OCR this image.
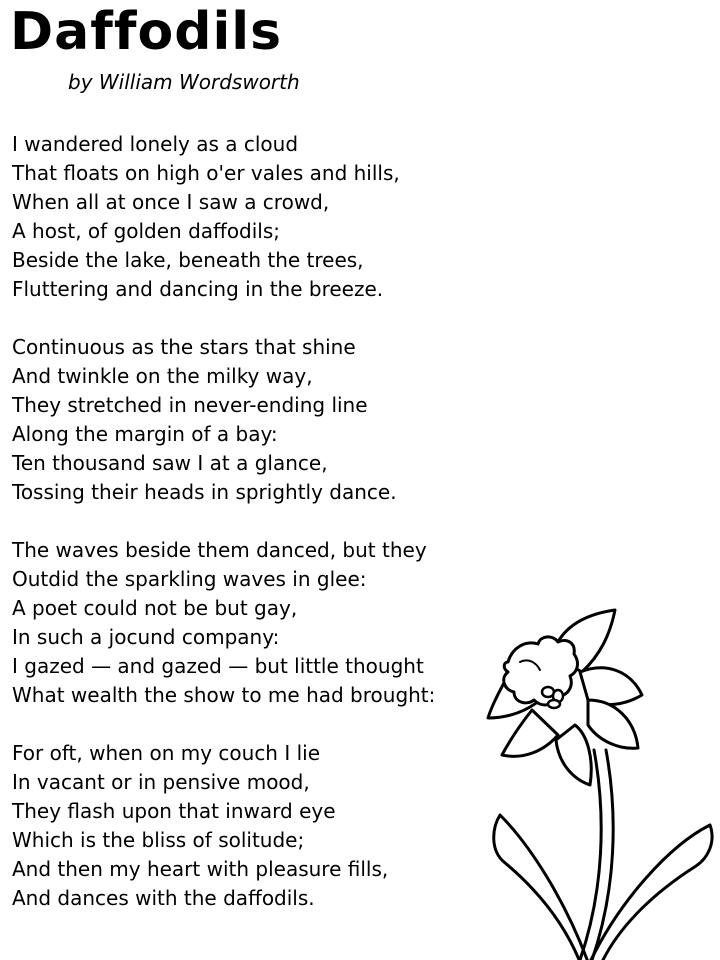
Daffodils

by William Wordsworth

I wandered lonely as a cloud
That floats on high o'er vales and hills,
When all at once I saw a crowd,
A host, of golden daffodils;
Beside the lake, beneath the trees,
Fluttering and dancing in the breeze.
Continuous as the stars that shine
And twinkle on the milky way,
They stretched in never-ending line
Along the margin of a bay:
Ten thousand saw I at a glance,
Tossing their heads in sprightly dance.
The waves beside them danced, but they
Outdid the sparkling waves in glee:
A poet could not be but gay,
In such a jocund company:
I gazed — and gazed — but little thought
What wealth the show to me had brought:
For oft, when on my couch I lie
In vacant or in pensive mood,
They flash upon that inward eye
Which is the bliss of solitude;
And then my heart with pleasure fills,
And dances with the daffodils.
